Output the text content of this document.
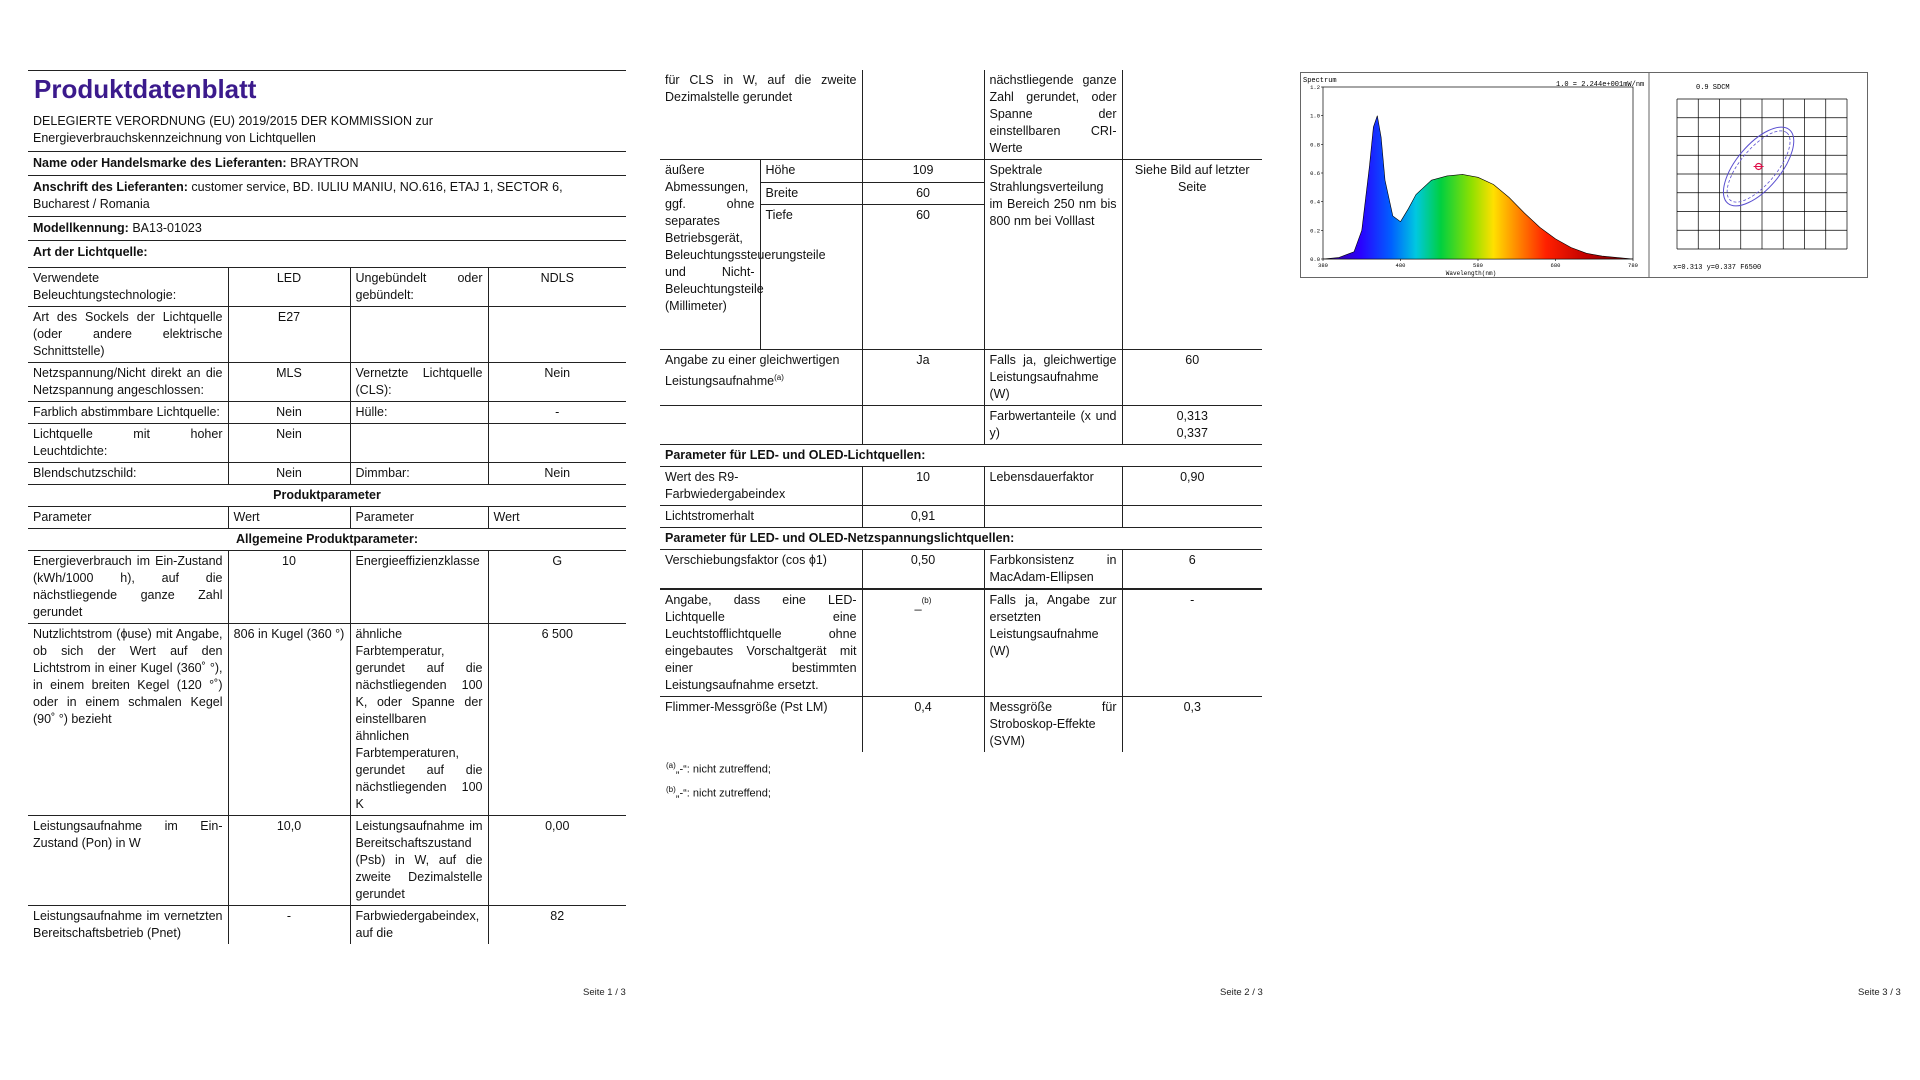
Produktdatenblatt
DELEGIERTE VERORDNUNG (EU) 2019/2015 DER KOMMISSION zur
Energieverbrauchskennzeichnung von Lichtquellen
Name oder Handelsmarke des Lieferanten: BRAYTRON			
Anschrift des Lieferanten: customer service, BD. IULIU MANIU, NO.616, ETAJ 1, SECTOR 6, Bucharest / Romania			
Modellkennung: BA13-01023			
Art der Lichtquelle:			
Verwendete Beleuchtungstechnologie:	LED	Ungebündelt oder gebündelt:	NDLS
Art des Sockels der Lichtquelle (oder andere elektrische Schnittstelle)	E27		
Netzspannung/Nicht direkt an die Netzspannung angeschlossen:	MLS	Vernetzte Lichtquelle (CLS):	Nein
Farblich abstimmbare Lichtquelle:	Nein	Hülle:	-
Lichtquelle mit hoher Leuchtdichte:	Nein		
Blendschutzschild:	Nein	Dimmbar:	Nein
Produktparameter			
Parameter	Wert	Parameter	Wert
Allgemeine Produktparameter:			
Energieverbrauch im Ein-Zustand (kWh/1000 h), auf die nächstliegende ganze Zahl gerundet	10	Energieeffizienzklasse	G
Nutzlichtstrom (ϕuse) mit Angabe, ob sich der Wert auf den Lichtstrom in einer Kugel (360˚ °), in einem breiten Kegel (120 °˚) oder in einem schmalen Kegel (90˚ °) bezieht	806 in Kugel (360 °)	ähnliche Farbtemperatur, gerundet auf die nächstliegenden 100 K, oder Spanne der einstellbaren ähnlichen Farbtemperaturen, gerundet auf die nächstliegenden 100 K	6 500
Leistungsaufnahme im Ein-Zustand (Pon) in W	10,0	Leistungsaufnahme im Bereitschaftszustand (Psb) in W, auf die zweite Dezimalstelle gerundet	0,00
Leistungsaufnahme im vernetzten Bereitschaftsbetrieb (Pnet)	-	Farbwiedergabeindex, auf die	82
Seite 1 / 3
für CLS in W, auf die zweite Dezimalstelle gerundet			nächstliegende ganze Zahl gerundet, oder Spanne der einstellbaren CRI-Werte	
äußere Abmessungen, ggf. ohne separates Betriebsgerät, Beleuchtungssteuerungsteile und Nicht-Beleuchtungsteile (Millimeter)	Höhe	109	Spektrale Strahlungsverteilung im Bereich 250 nm bis 800 nm bei Volllast	Siehe Bild auf letzter Seite
	Breite	60		
	Tiefe	60		
Angabe zu einer gleichwertigen Leistungsaufnahme$^{(a)}$		Ja	Falls ja, gleichwertige Leistungsaufnahme (W)	60
			Farbwertanteile (x und y)	0,313
0,337
Parameter für LED- und OLED-Lichtquellen:				
Wert des R9-Farbwiedergabeindex		10	Lebensdauerfaktor	0,90
Lichtstromerhalt		0,91		
Parameter für LED- und OLED-Netzspannungslichtquellen:				
Verschiebungsfaktor (cos ϕ1)		0,50	Farbkonsistenz in MacAdam-Ellipsen	6
Angabe, dass eine LED-Lichtquelle eine Leuchtstofflichtquelle ohne eingebautes Vorschaltgerät mit einer bestimmten Leistungsaufnahme ersetzt.		_$^{(b)}$	Falls ja, Angabe zur ersetzten Leistungsaufnahme (W)	-
Flimmer-Messgröße (Pst LM)		0,4	Messgröße für Stroboskop-Effekte (SVM)	0,3
$^{(a)}$„-“: nicht zutreffend;
$^{(b)}$„-“: nicht zutreffend;
Seite 2 / 3
Spectrum	1.0 = 2.244e+001mW/nm
0.0
0.2
0.4
0.6
0.8
1.0
1.2
380	480	580	680	780
Wavelength(nm)
0.9 SDCM
x=0.313 y=0.337 F6500
Seite 3 / 3
